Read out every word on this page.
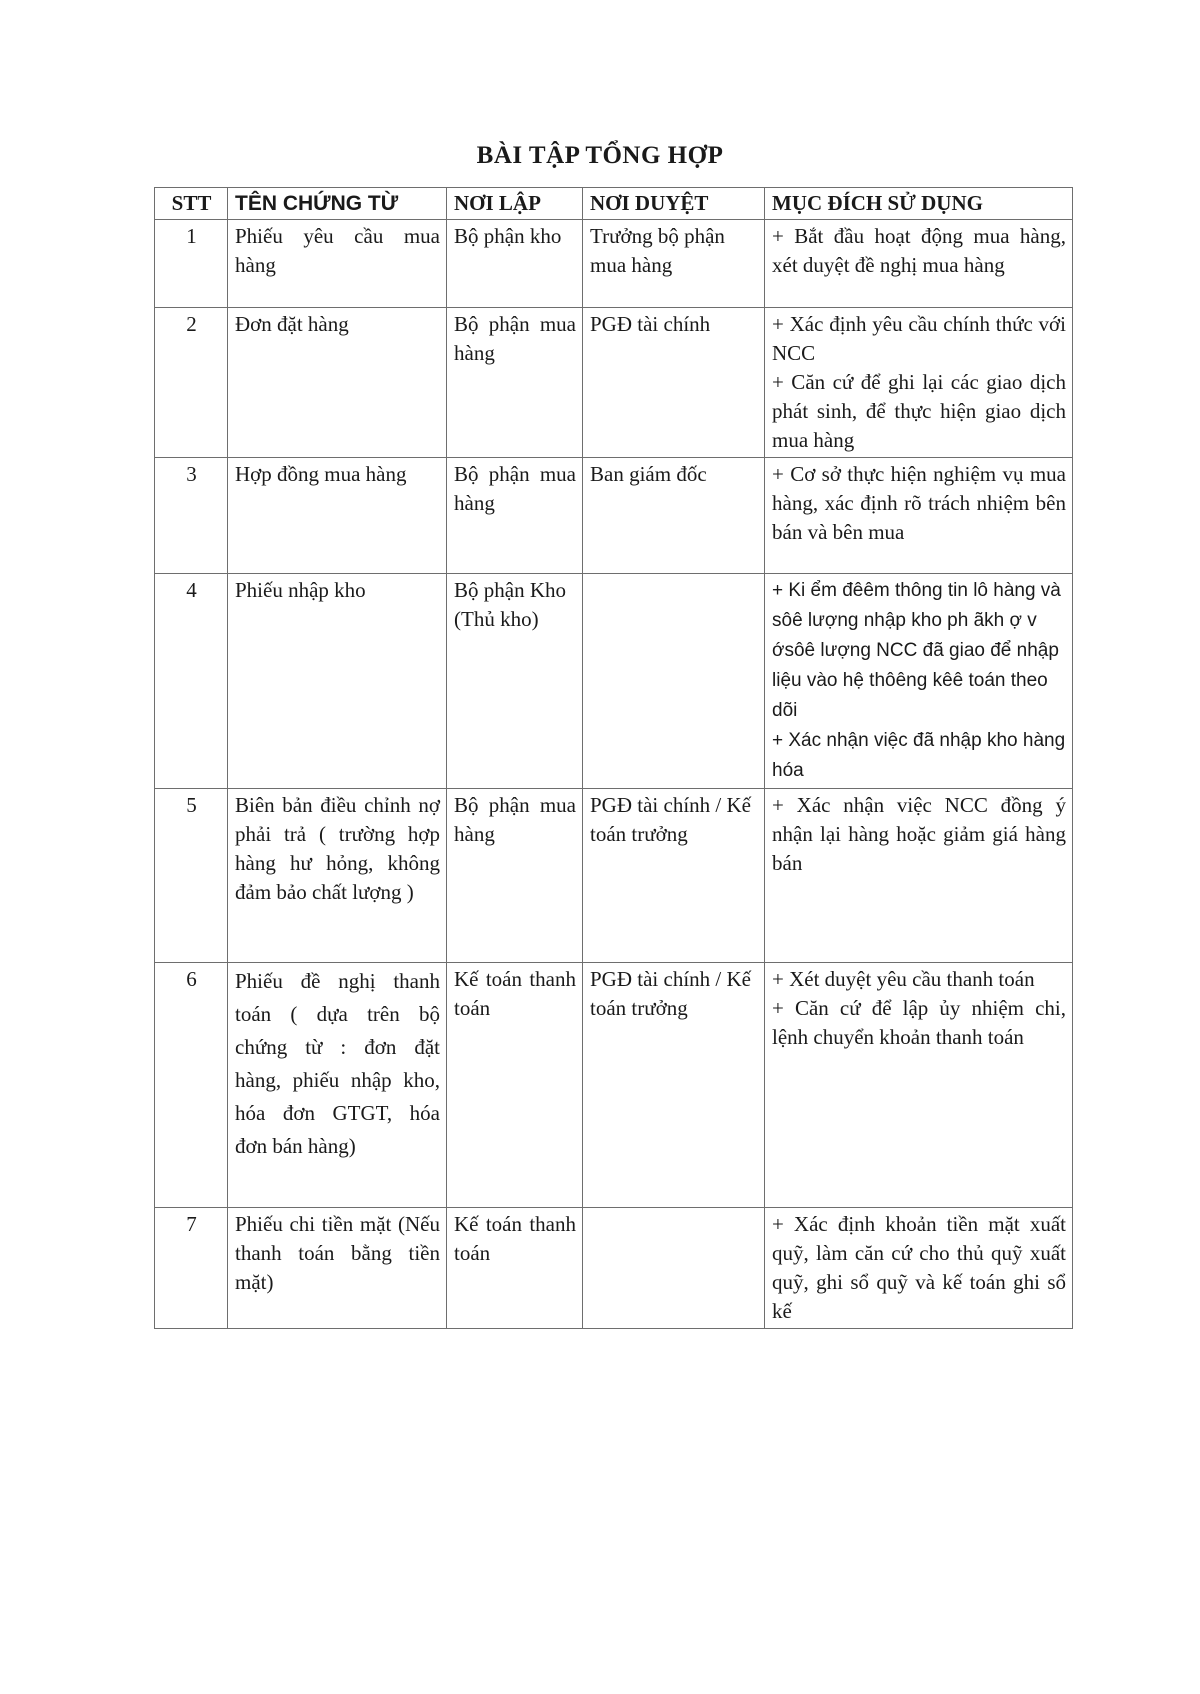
BÀI TẬP TỔNG HỢP
STT	TÊN CHỨNG TỪ	NƠI LẬP	NƠI DUYỆT	MỤC ĐÍCH SỬ DỤNG
1	Phiếu yêu cầu mua hàng	Bộ phận kho	Trưởng bộ phận mua hàng	+ Bắt đầu hoạt động mua hàng, xét duyệt đề nghị mua hàng

2	Đơn đặt hàng	Bộ phận mua hàng	PGĐ tài chính	+ Xác định yêu cầu chính thức với NCC
+ Căn cứ để ghi lại các giao dịch phát sinh, để thực hiện giao dịch mua hàng

3	Hợp đồng mua hàng	Bộ phận mua hàng	Ban giám đốc	+ Cơ sở thực hiện nghiệm vụ mua hàng, xác định rõ trách nhiệm bên bán và bên mua

4	Phiếu nhập kho	Bộ phận Kho (Thủ kho)		+ Ki ểm đêêm thông tin lô hàng và sôê lượng nhập kho ph ãkh ợ v ớsôê lượng NCC đã giao để nhập liệu vào hệ thôêng kêê toán theo dõi
+ Xác nhận việc đã nhập kho hàng hóa

5	Biên bản điều chỉnh nợ phải trả ( trường hợp hàng hư hỏng, không đảm bảo chất lượng )	Bộ phận mua hàng	PGĐ tài chính / Kế toán trưởng	+ Xác nhận việc NCC đồng ý nhận lại hàng hoặc giảm giá hàng bán

6	Phiếu đề nghị thanh toán ( dựa trên bộ chứng từ : đơn đặt hàng, phiếu nhập kho, hóa đơn GTGT, hóa đơn bán hàng)	Kế toán thanh toán	PGĐ tài chính / Kế toán trưởng	+ Xét duyệt yêu cầu thanh toán
+ Căn cứ để lập ủy nhiệm chi, lệnh chuyển khoản thanh toán

7	Phiếu chi tiền mặt (Nếu thanh toán bằng tiền mặt)	Kế toán thanh toán		+ Xác định khoản tiền mặt xuất quỹ, làm căn cứ cho thủ quỹ xuất quỹ, ghi sổ quỹ và kế toán ghi sổ kế
